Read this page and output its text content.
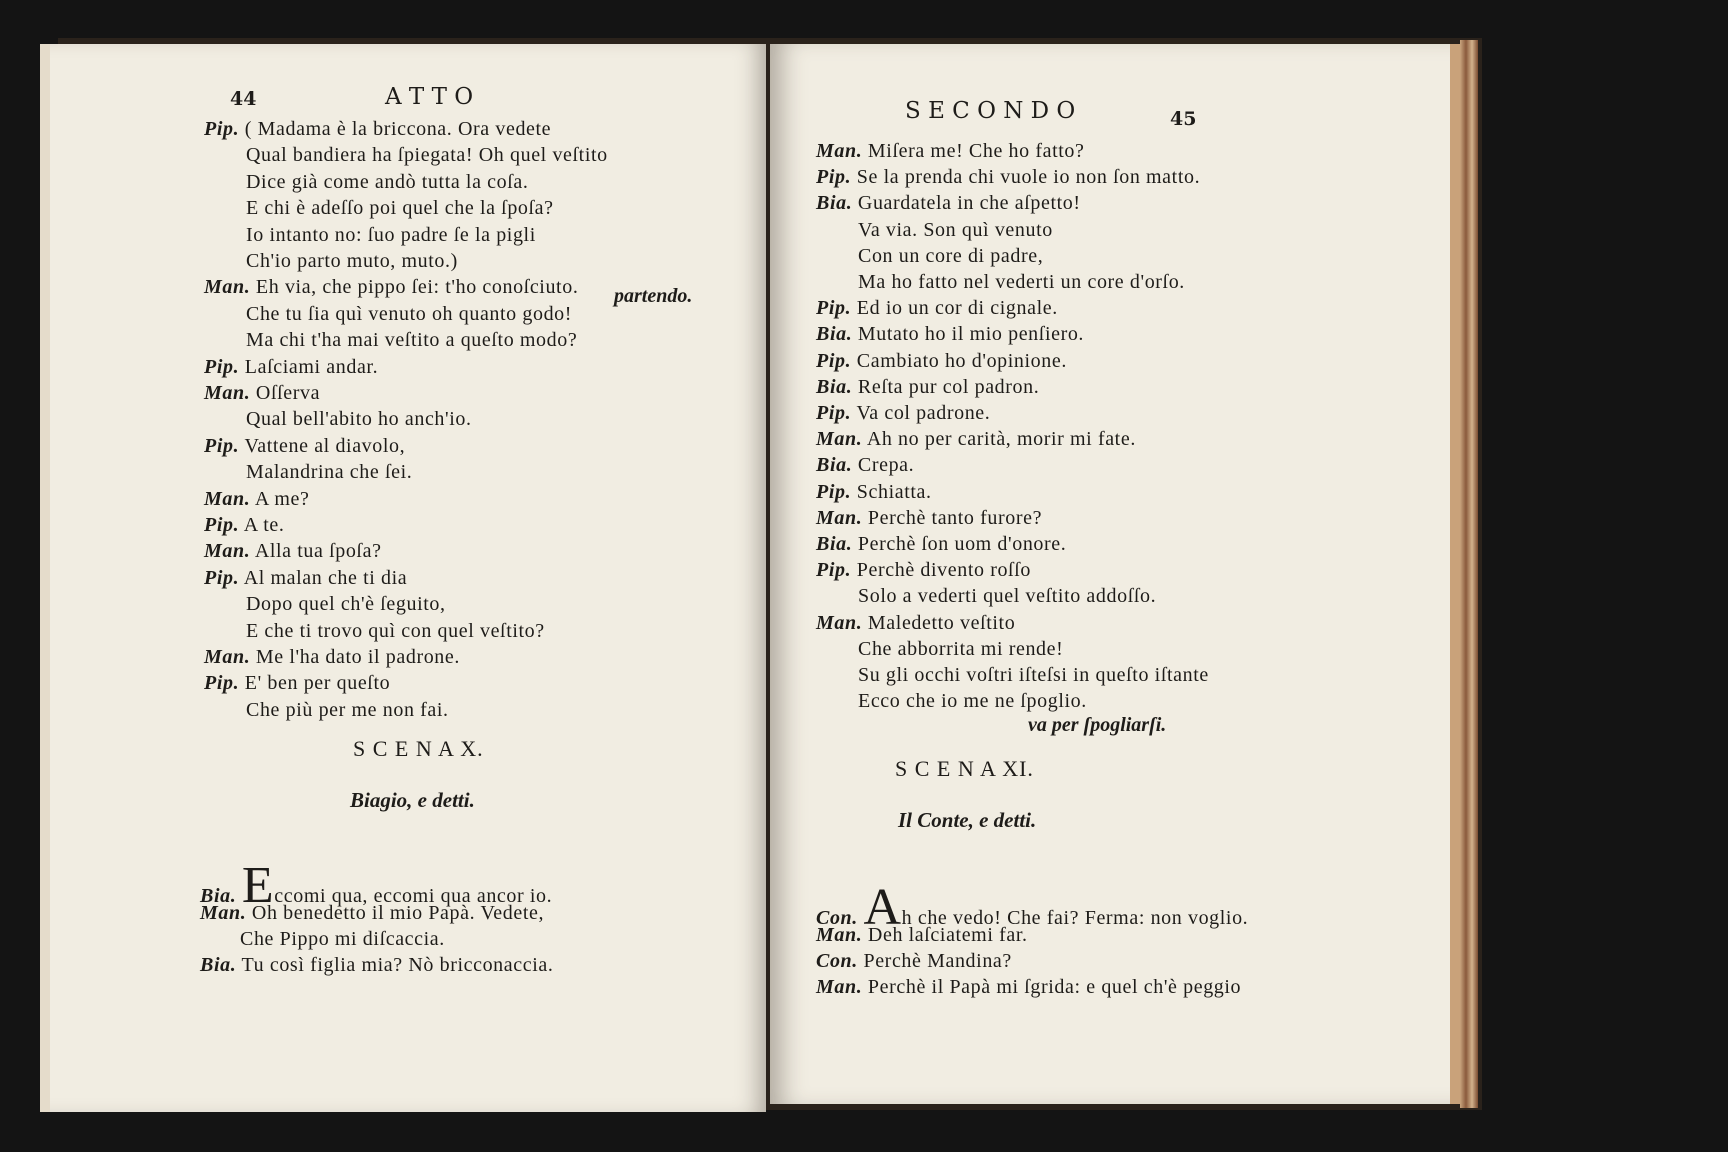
44	A T T O
Pip. ( Madama è la briccona. Ora vedete
Qual bandiera ha ſpiegata! Oh quel veſtito
Dice già come andò tutta la coſa.
E chi è adeſſo poi quel che la ſpoſa?
Io intanto no: ſuo padre ſe la pigli
Ch'io parto muto, muto.)
Man. Eh via, che pippo ſei: t'ho conoſciuto.
Che tu ſia quì venuto oh quanto godo!
Ma chi t'ha mai veſtito a queſto modo?
Pip. Laſciami andar.
Man. Oſſerva
Qual bell'abito ho anch'io.
Pip. Vattene al diavolo,
Malandrina che ſei.
Man. A me?
Pip. A te.
Man. Alla tua ſpoſa?
Pip. Al malan che ti dia
Dopo quel ch'è ſeguito,
E che ti trovo quì con quel veſtito?
Man. Me l'ha dato il padrone.
Pip. E' ben per queſto
Che più per me non fai.
partendo.
S C E N A X.
Biagio, e detti.
Bia. Eccomi qua, eccomi qua ancor io.
Man. Oh benedetto il mio Papà. Vedete,
Che Pippo mi diſcaccia.
Bia. Tu così figlia mia? Nò bricconaccia.
S E C O N D O	45
Man. Miſera me! Che ho fatto?
Pip. Se la prenda chi vuole io non ſon matto.
Bia. Guardatela in che aſpetto!
Va via. Son quì venuto
Con un core di padre,
Ma ho fatto nel vederti un core d'orſo.
Pip. Ed io un cor di cignale.
Bia. Mutato ho il mio penſiero.
Pip. Cambiato ho d'opinione.
Bia. Reſta pur col padron.
Pip. Va col padrone.
Man. Ah no per carità, morir mi fate.
Bia. Crepa.
Pip. Schiatta.
Man. Perchè tanto furore?
Bia. Perchè ſon uom d'onore.
Pip. Perchè divento roſſo
Solo a vederti quel veſtito addoſſo.
Man. Maledetto veſtito
Che abborrita mi rende!
Su gli occhi voſtri iſteſsi in queſto iſtante
Ecco che io me ne ſpoglio.
va per ſpogliarſi.
S C E N A XI.
Il Conte, e detti.
Con. Ah che vedo! Che fai? Ferma: non voglio.
Man. Deh laſciatemi far.
Con. Perchè Mandina?
Man. Perchè il Papà mi ſgrida: e quel ch'è peggio
